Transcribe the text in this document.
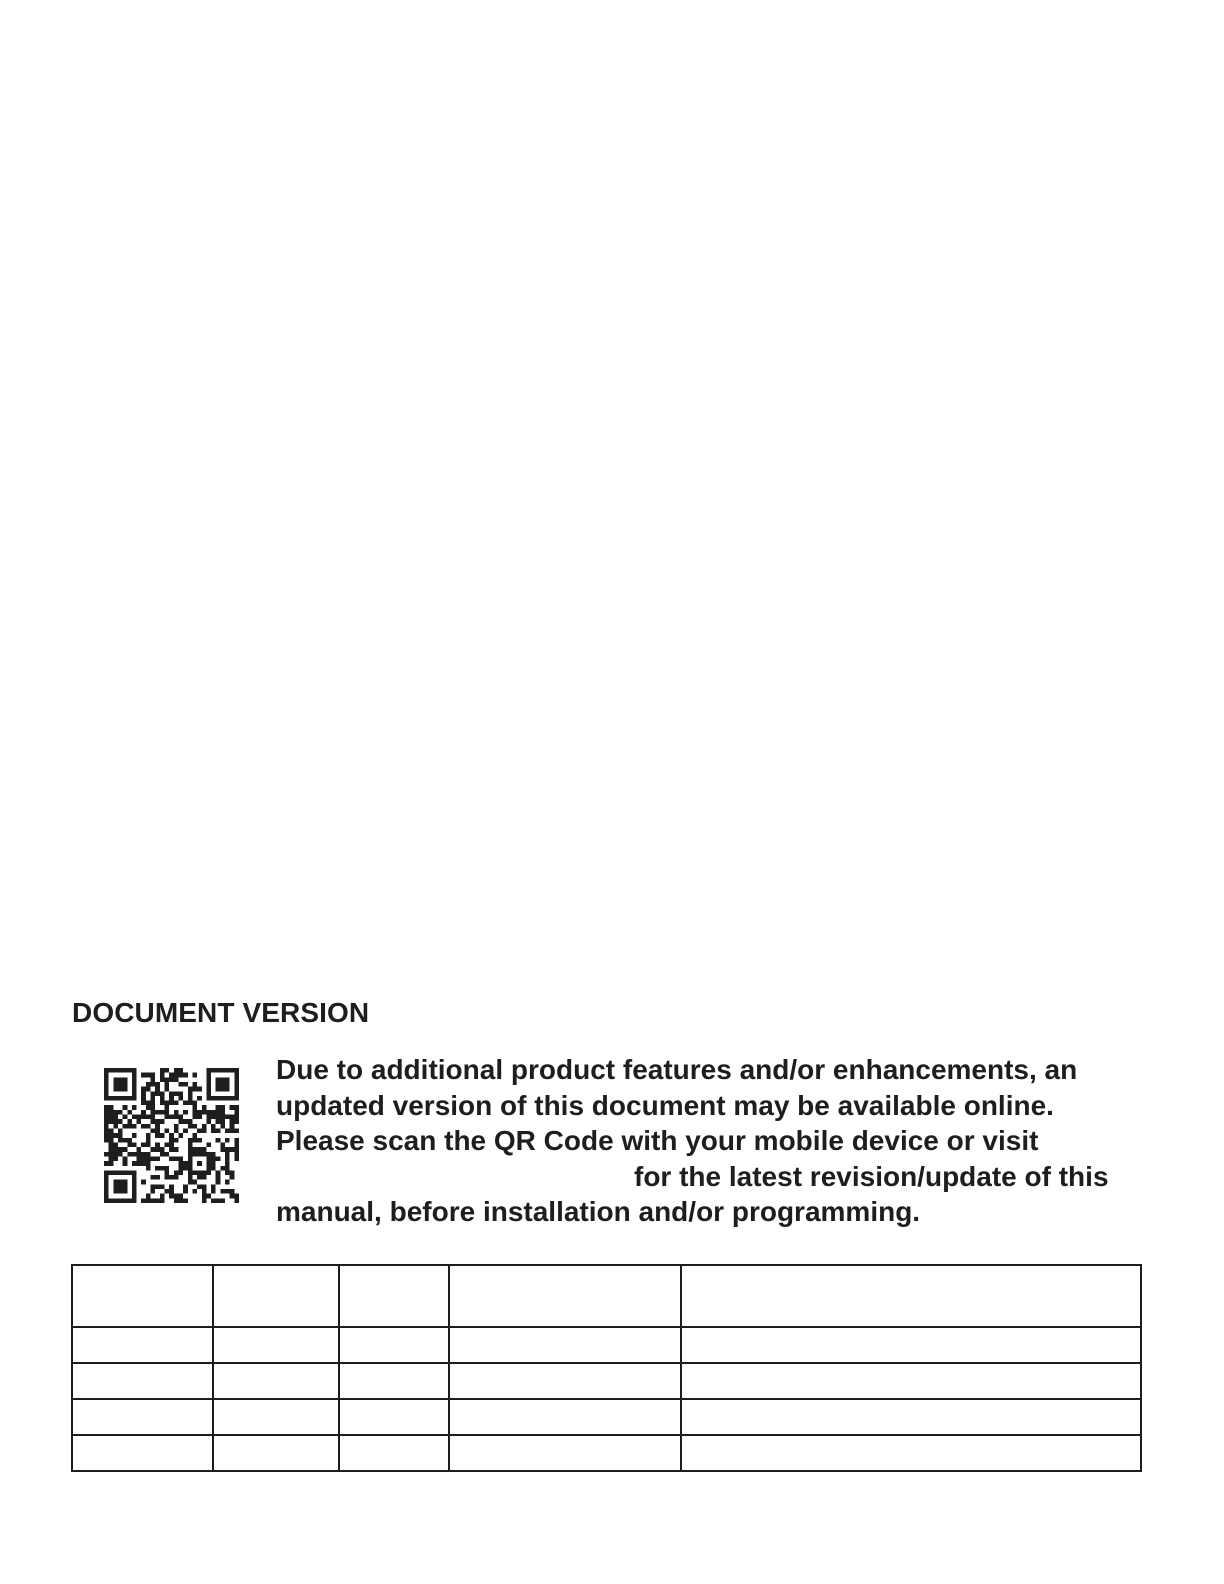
DOCUMENT VERSION
Due to additional product features and/or enhancements, an
updated version of this document may be available online.
Please scan the QR Code with your mobile device or visit
for the latest revision/update of this
manual, before installation and/or programming.
